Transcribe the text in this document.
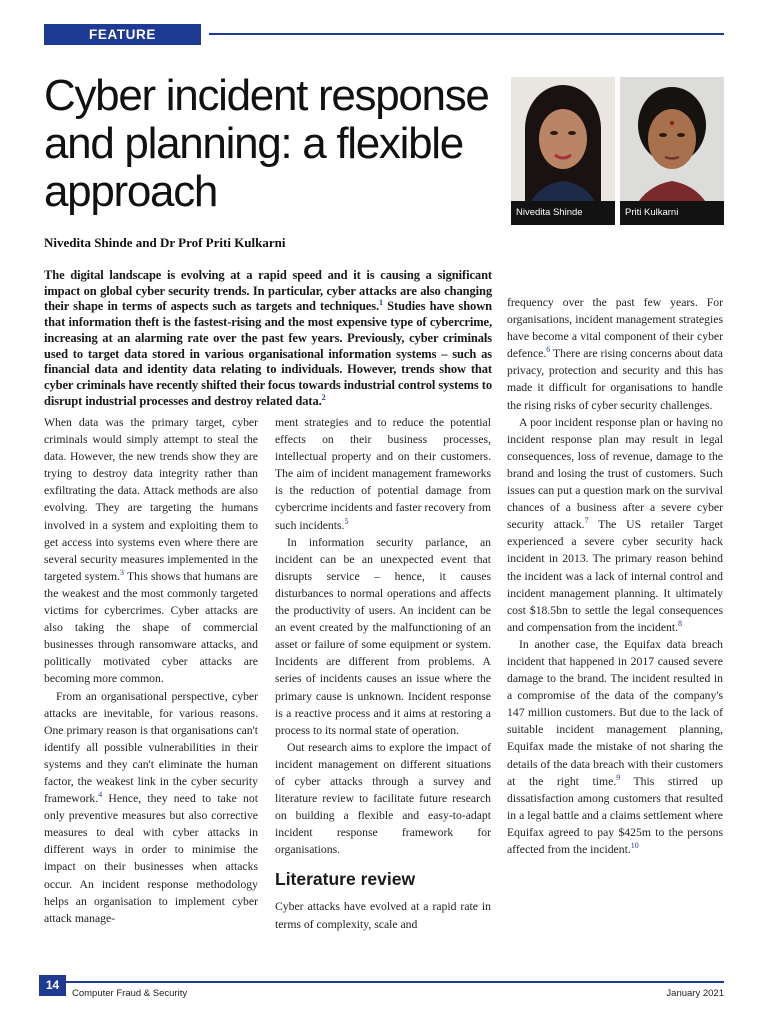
FEATURE
Cyber incident response and planning: a flexible approach	Nivedita Shinde	Priti Kulkarni
Nivedita Shinde and Dr Prof Priti Kulkarni

The digital landscape is evolving at a rapid speed and it is causing a significant impact on global cyber security trends. In particular, cyber attacks are also changing their shape in terms of aspects such as targets and techniques.$^1$ Studies have shown that information theft is the fastest-rising and the most expensive type of cybercrime, increasing at an alarming rate over the past few years. Previously, cyber criminals used to target data stored in various organisational information systems – such as financial data and identity data relating to individuals. However, trends show that cyber criminals have recently shifted their focus towards industrial control systems to disrupt industrial processes and destroy related data.$^2$

When data was the primary target, cyber criminals would simply attempt to steal the data. However, the new trends show they are trying to destroy data integrity rather than exfiltrating the data. Attack methods are also evolving. They are targeting the humans involved in a system and exploiting them to get access into systems even where there are several security measures implemented in the targeted system.$^3$ This shows that humans are the weakest and the most commonly targeted victims for cybercrimes. Cyber attacks are also taking the shape of commercial businesses through ransomware attacks, and politically motivated cyber attacks are becoming more common.

From an organisational perspective, cyber attacks are inevitable, for various reasons. One primary reason is that organisations can't identify all possible vulnerabilities in their systems and they can't eliminate the human factor, the weakest link in the cyber security framework.$^4$ Hence, they need to take not only preventive measures but also corrective measures to deal with cyber attacks in different ways in order to minimise the impact on their businesses when attacks occur. An incident response methodology helps an organisation to implement cyber attack manage-

ment strategies and to reduce the potential effects on their business processes, intellectual property and on their customers. The aim of incident management frameworks is the reduction of potential damage from cybercrime incidents and faster recovery from such incidents.$^5$

In information security parlance, an incident can be an unexpected event that disrupts service – hence, it causes disturbances to normal operations and affects the productivity of users. An incident can be an event created by the malfunctioning of an asset or failure of some equipment or system. Incidents are different from problems. A series of incidents causes an issue where the primary cause is unknown. Incident response is a reactive process and it aims at restoring a process to its normal state of operation.

Out research aims to explore the impact of incident management on different situations of cyber attacks through a survey and literature review to facilitate future research on building a flexible and easy-to-adapt incident response framework for organisations.

Literature review

Cyber attacks have evolved at a rapid rate in terms of complexity, scale and

frequency over the past few years. For organisations, incident management strategies have become a vital component of their cyber defence.$^6$ There are rising concerns about data privacy, protection and security and this has made it difficult for organisations to handle the rising risks of cyber security challenges.

A poor incident response plan or having no incident response plan may result in legal consequences, loss of revenue, damage to the brand and losing the trust of customers. Such issues can put a question mark on the survival chances of a business after a severe cyber security attack.$^7$ The US retailer Target experienced a severe cyber security hack incident in 2013. The primary reason behind the incident was a lack of internal control and incident management planning. It ultimately cost $18.5bn to settle the legal consequences and compensation from the incident.$^8$

In another case, the Equifax data breach incident that happened in 2017 caused severe damage to the brand. The incident resulted in a compromise of the data of the company's 147 million customers. But due to the lack of suitable incident management planning, Equifax made the mistake of not sharing the details of the data breach with their customers at the right time.$^9$ This stirred up dissatisfaction among customers that resulted in a legal battle and a claims settlement where Equifax agreed to pay $425m to the persons affected from the incident.$^{10}$

14
Computer Fraud & Security	January 2021
